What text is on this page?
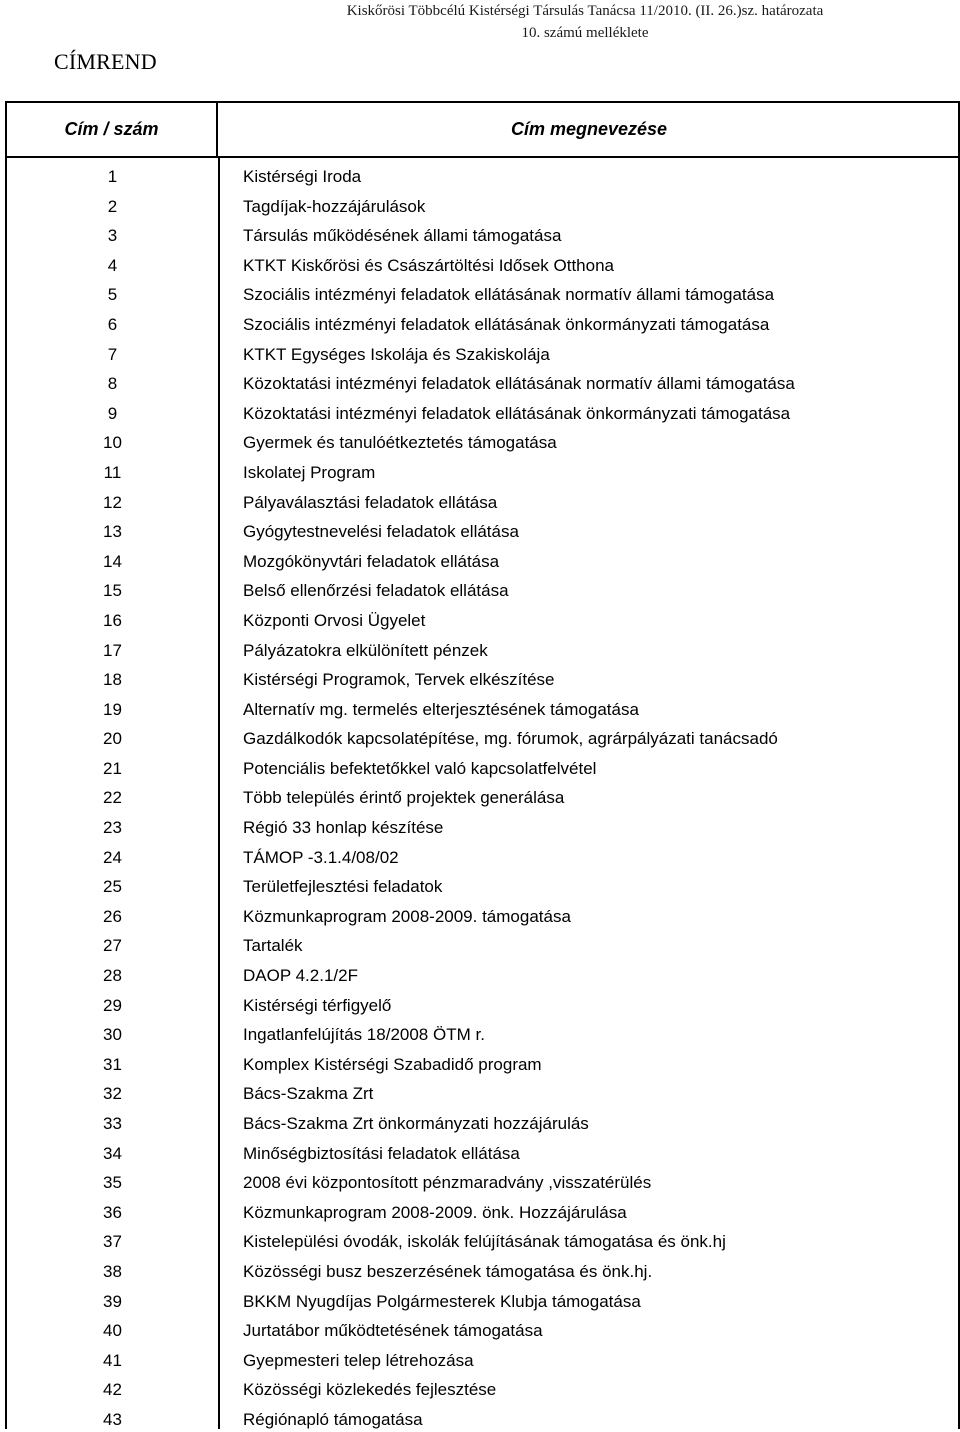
Kiskőrösi Többcélú Kistérségi Társulás Tanácsa 11/2010. (II. 26.)sz. határozata
10. számú melléklete
CÍMREND
Cím / szám	Cím megnevezése
1	Kistérségi Iroda
2	Tagdíjak-hozzájárulások
3	Társulás működésének állami támogatása
4	KTKT Kiskőrösi és Császártöltési Idősek Otthona
5	Szociális intézményi feladatok ellátásának normatív állami támogatása
6	Szociális intézményi feladatok ellátásának önkormányzati támogatása
7	KTKT Egységes Iskolája és Szakiskolája
8	Közoktatási intézményi feladatok ellátásának normatív állami támogatása
9	Közoktatási intézményi feladatok ellátásának önkormányzati támogatása
10	Gyermek és tanulóétkeztetés támogatása
11	Iskolatej Program
12	Pályaválasztási feladatok ellátása
13	Gyógytestnevelési feladatok ellátása
14	Mozgókönyvtári feladatok ellátása
15	Belső ellenőrzési feladatok ellátása
16	Központi Orvosi Ügyelet
17	Pályázatokra elkülönített pénzek
18	Kistérségi Programok, Tervek elkészítése
19	Alternatív mg. termelés elterjesztésének támogatása
20	Gazdálkodók kapcsolatépítése, mg. fórumok, agrárpályázati tanácsadó
21	Potenciális befektetőkkel való kapcsolatfelvétel
22	Több település érintő projektek generálása
23	Régió 33 honlap készítése
24	TÁMOP -3.1.4/08/02
25	Területfejlesztési feladatok
26	Közmunkaprogram 2008-2009. támogatása
27	Tartalék
28	DAOP 4.2.1/2F
29	Kistérségi térfigyelő
30	Ingatlanfelújítás 18/2008 ÖTM r.
31	Komplex Kistérségi Szabadidő program
32	Bács-Szakma Zrt
33	Bács-Szakma Zrt önkormányzati hozzájárulás
34	Minőségbiztosítási feladatok ellátása
35	2008 évi központosított pénzmaradvány ,visszatérülés
36	Közmunkaprogram 2008-2009. önk. Hozzájárulása
37	Kistelepülési óvodák, iskolák felújításának támogatása és önk.hj
38	Közösségi busz beszerzésének támogatása és önk.hj.
39	BKKM Nyugdíjas Polgármesterek Klubja támogatása
40	Jurtatábor működtetésének támogatása
41	Gyepmesteri telep létrehozása
42	Közösségi közlekedés fejlesztése
43	Régiónapló támogatása
